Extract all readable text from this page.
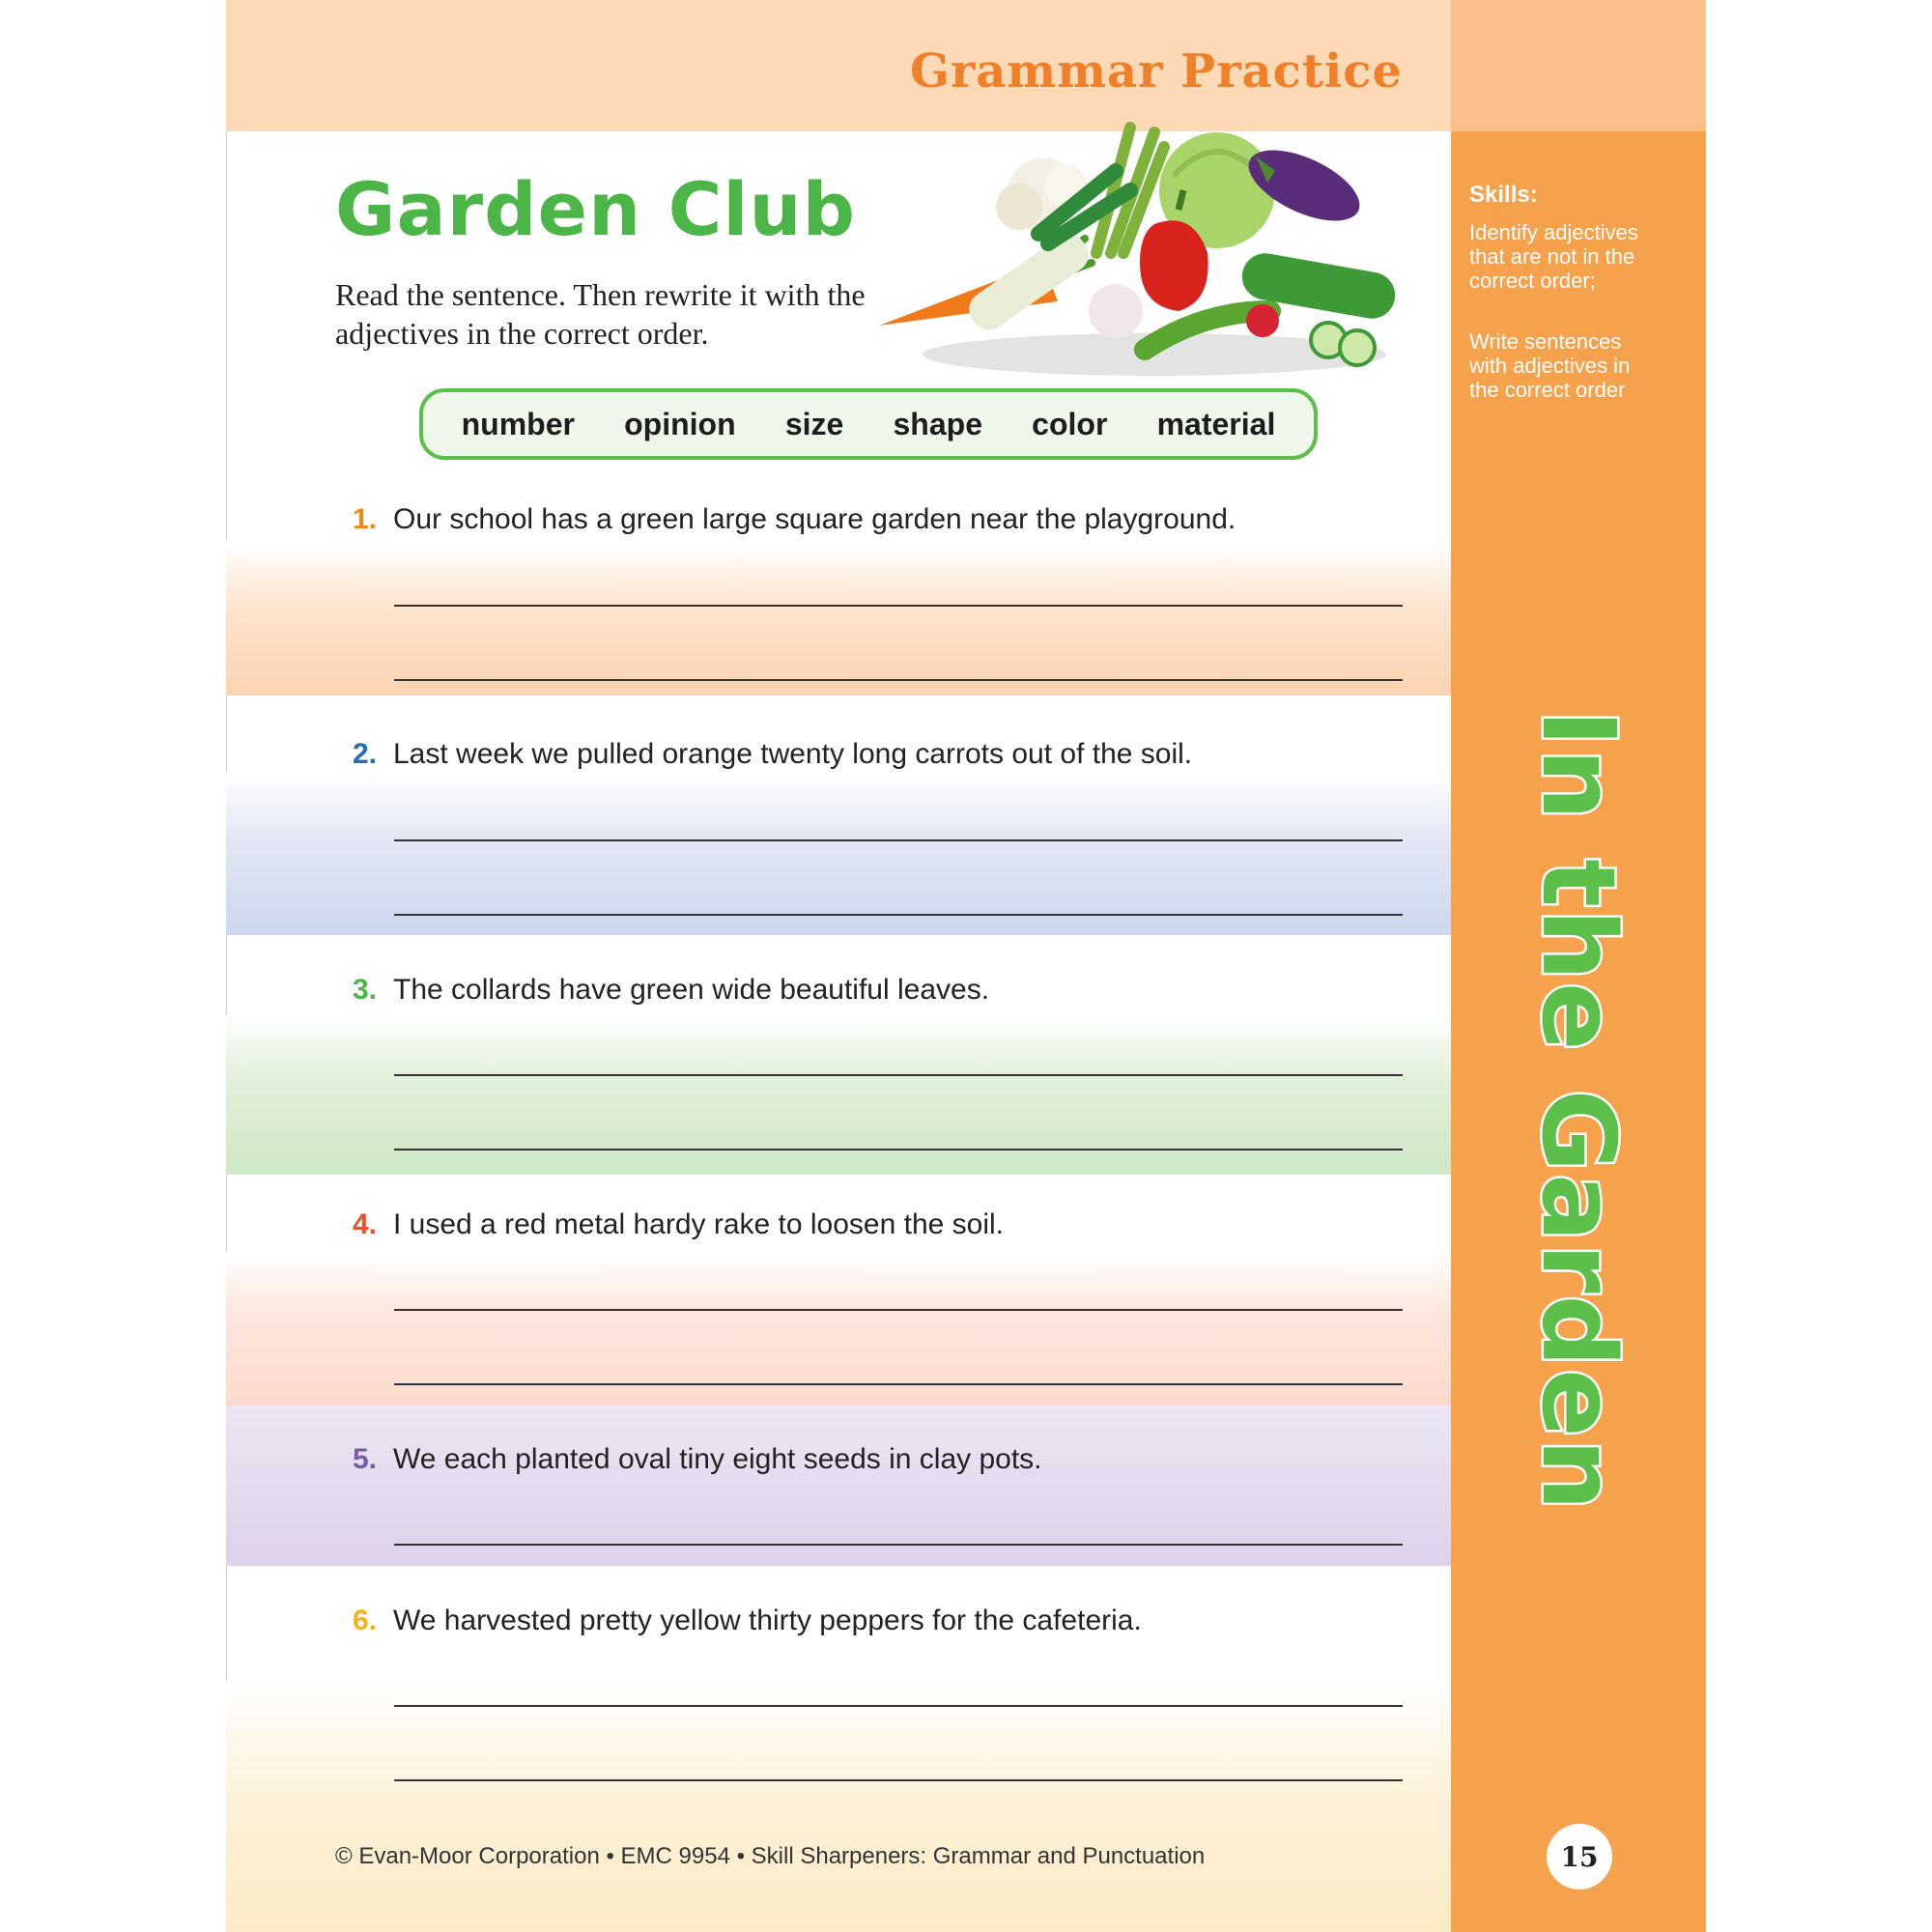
Grammar Practice
Skills:
Identify adjectives that are not in the correct order;
Write sentences with adjectives in the correct order
In the Garden
15
Garden Club
Read the sentence. Then rewrite it with the adjectives in the correct order.
number opinion size shape color material
1. Our school has a green large square garden near the playground.
2. Last week we pulled orange twenty long carrots out of the soil.
3. The collards have green wide beautiful leaves.
4. I used a red metal hardy rake to loosen the soil.
5. We each planted oval tiny eight seeds in clay pots.
6. We harvested pretty yellow thirty peppers for the cafeteria.
© Evan-Moor Corporation • EMC 9954 • Skill Sharpeners: Grammar and Punctuation
